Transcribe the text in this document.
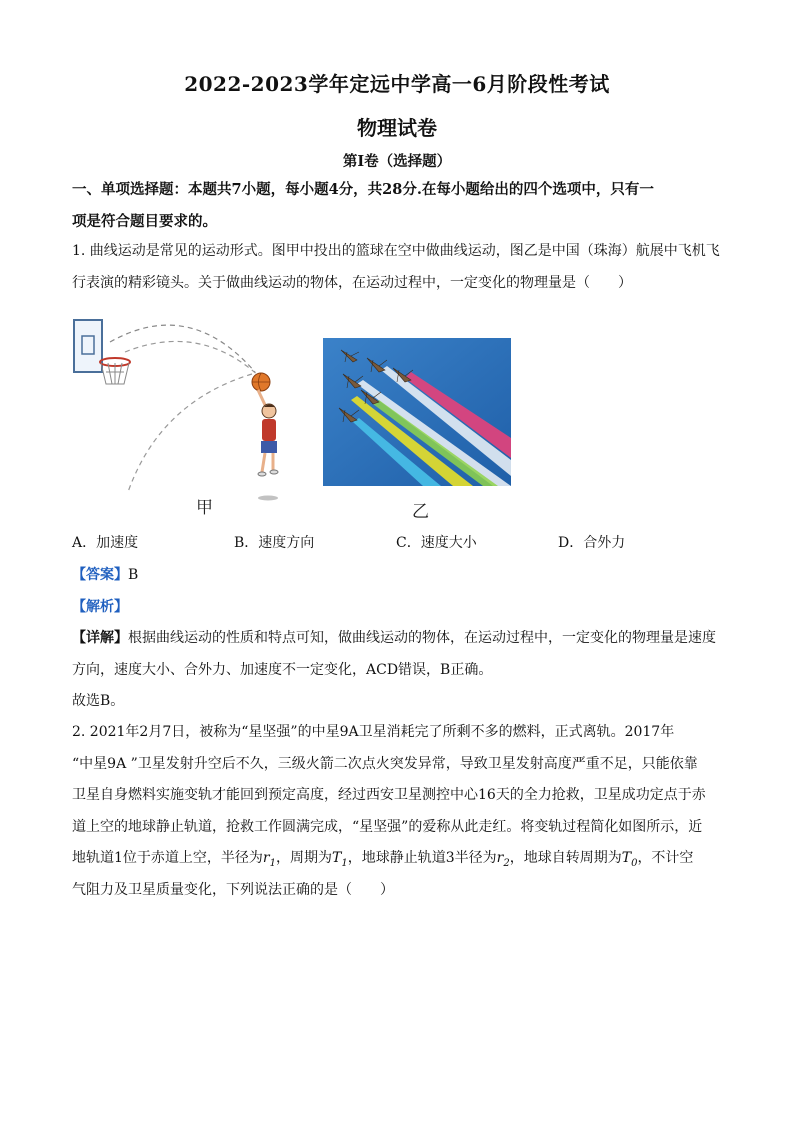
2022-2023学年定远中学高一6月阶段性考试
物理试卷
第I卷（选择题）
一、单项选择题：本题共7小题，每小题4分，共28分.在每小题给出的四个选项中，只有一
项是符合题目要求的。
1. 曲线运动是常见的运动形式。图甲中投出的篮球在空中做曲线运动，图乙是中国（珠海）航展中飞机飞
行表演的精彩镜头。关于做曲线运动的物体，在运动过程中，一定变化的物理量是（　　）
甲	乙
A．加速度	B．速度方向	C．速度大小	D．合外力
【答案】B
【解析】
【详解】根据曲线运动的性质和特点可知，做曲线运动的物体，在运动过程中，一定变化的物理量是速度
方向，速度大小、合外力、加速度不一定变化，ACD错误，B正确。
故选B。
2. 2021年2月7日，被称为“星坚强”的中星9A卫星消耗完了所剩不多的燃料，正式离轨。2017年
“中星9A ”卫星发射升空后不久，三级火箭二次点火突发异常，导致卫星发射高度严重不足，只能依靠
卫星自身燃料实施变轨才能回到预定高度，经过西安卫星测控中心16天的全力抢救，卫星成功定点于赤
道上空的地球静止轨道，抢救工作圆满完成，“星坚强”的爱称从此走红。将变轨过程简化如图所示，近
地轨道1位于赤道上空，半径为$r_1$，周期为$T_1$，地球静止轨道3半径为$r_2$，地球自转周期为$T_0$，不计空
气阻力及卫星质量变化，下列说法正确的是（　　）
